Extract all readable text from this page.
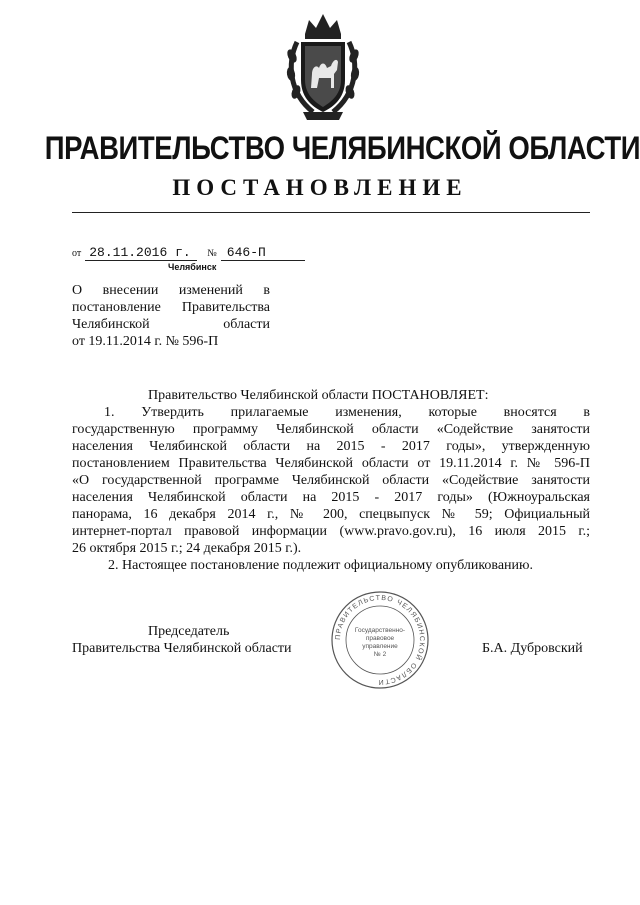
ПРАВИТЕЛЬСТВО ЧЕЛЯБИНСКОЙ ОБЛАСТИ
ПОСТАНОВЛЕНИЕ
от 28.11.2016 г. № 646-П
Челябинск
О внесении изменений в
постановление Правительства
Челябинской области
от 19.11.2014 г. № 596-П
Правительство Челябинской области ПОСТАНОВЛЯЕТ:
1. Утвердить прилагаемые изменения, которые вносятся в
государственную программу Челябинской области «Содействие занятости
населения Челябинской области на 2015 - 2017 годы», утвержденную
постановлением Правительства Челябинской области от 19.11.2014 г. № 596-П
«О государственной программе Челябинской области «Содействие занятости
населения Челябинской области на 2015 - 2017 годы» (Южноуральская
панорама, 16 декабря 2014 г., № 200, спецвыпуск № 59; Официальный
интернет-портал правовой информации (www.pravo.gov.ru), 16 июля 2015 г.;
26 октября 2015 г.; 24 декабря 2015 г.).
2. Настоящее постановление подлежит официальному опубликованию.
Председатель
Правительства Челябинской области	Б.А. Дубровский
ПРАВИТЕЛЬСТВО ЧЕЛЯБИНСКОЙ ОБЛАСТИ
Государственно-
правовое
управление
№ 2
